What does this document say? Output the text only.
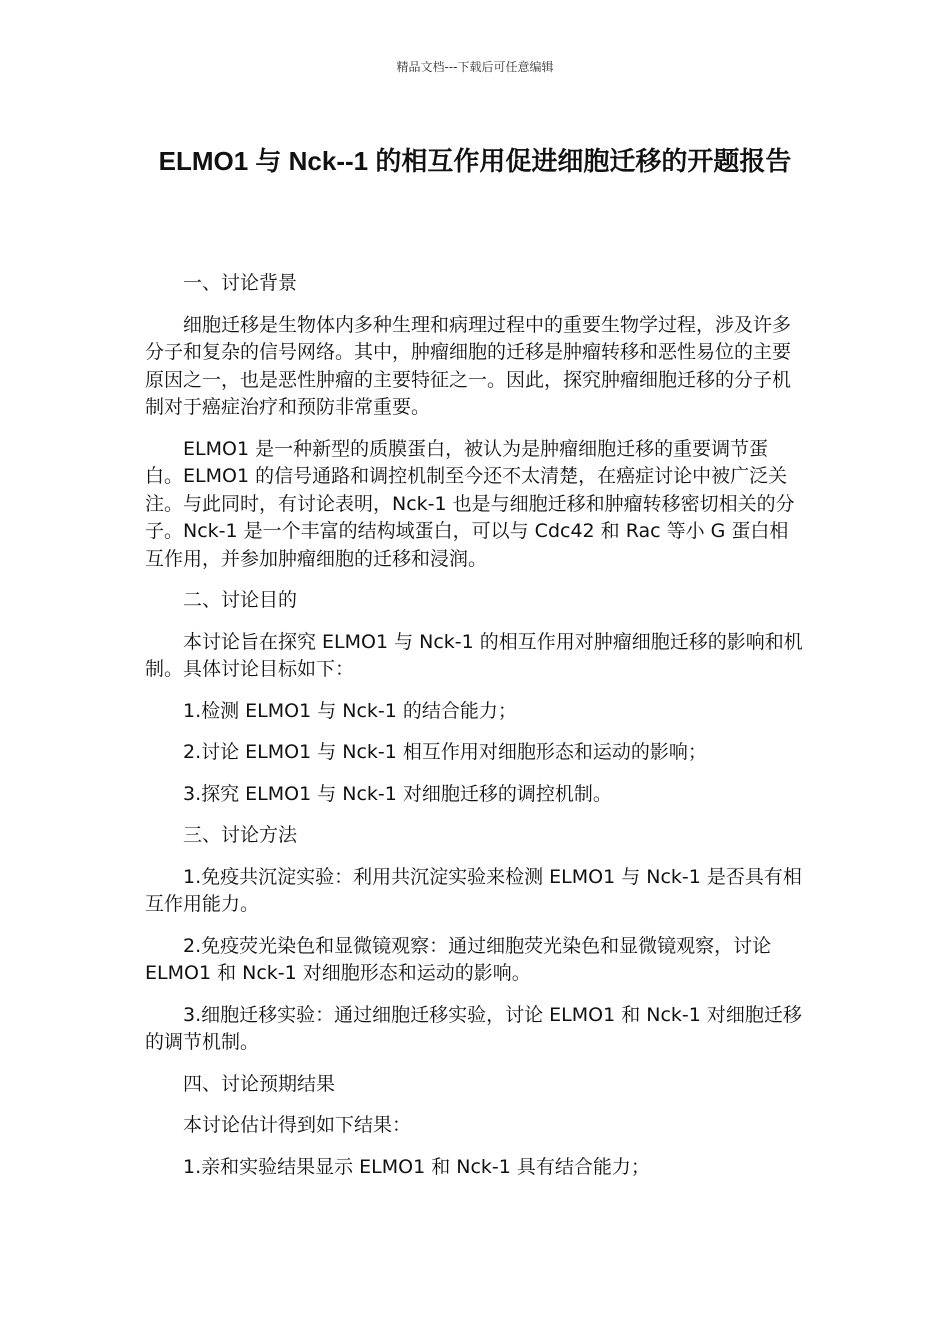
精品文档---下载后可任意编辑
ELMO1 与 Nck--1 的相互作用促进细胞迁移的开题报告

一、讨论背景

细胞迁移是生物体内多种生理和病理过程中的重要生物学过程，涉及许多分子和复杂的信号网络。其中，肿瘤细胞的迁移是肿瘤转移和恶性易位的主要原因之一，也是恶性肿瘤的主要特征之一。因此，探究肿瘤细胞迁移的分子机制对于癌症治疗和预防非常重要。

ELMO1 是一种新型的质膜蛋白，被认为是肿瘤细胞迁移的重要调节蛋白。ELMO1 的信号通路和调控机制至今还不太清楚，在癌症讨论中被广泛关注。与此同时，有讨论表明，Nck-1 也是与细胞迁移和肿瘤转移密切相关的分子。Nck-1 是一个丰富的结构域蛋白，可以与 Cdc42 和 Rac 等小 G 蛋白相互作用，并参加肿瘤细胞的迁移和浸润。

二、讨论目的

本讨论旨在探究 ELMO1 与 Nck-1 的相互作用对肿瘤细胞迁移的影响和机制。具体讨论目标如下：

1.检测 ELMO1 与 Nck-1 的结合能力；

2.讨论 ELMO1 与 Nck-1 相互作用对细胞形态和运动的影响；

3.探究 ELMO1 与 Nck-1 对细胞迁移的调控机制。

三、讨论方法

1.免疫共沉淀实验：利用共沉淀实验来检测 ELMO1 与 Nck-1 是否具有相互作用能力。

2.免疫荧光染色和显微镜观察：通过细胞荧光染色和显微镜观察，讨论 ELMO1 和 Nck-1 对细胞形态和运动的影响。

3.细胞迁移实验：通过细胞迁移实验，讨论 ELMO1 和 Nck-1 对细胞迁移的调节机制。

四、讨论预期结果

本讨论估计得到如下结果：

1.亲和实验结果显示 ELMO1 和 Nck-1 具有结合能力；
